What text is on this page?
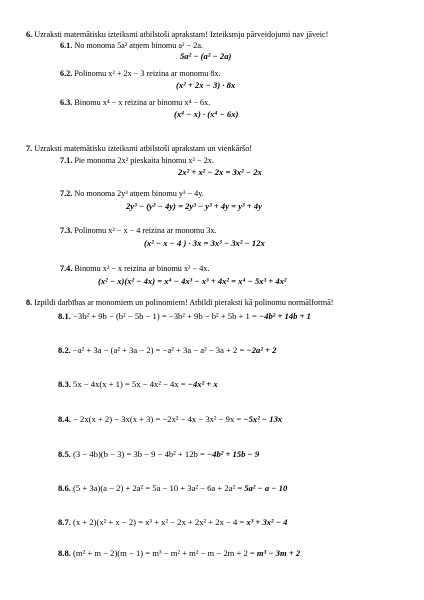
6. Uzraksti matemātisku izteiksmi atbilstoši aprakstam! Izteiksmju pārveidojumi nav jāveic!
6.1. No monoma 5a² atņem binomu a² − 2a.
5a² − (a² − 2a)
6.2. Polinomu x² + 2x − 3 reizina ar monomu 8x.
(x² + 2x − 3) · 8x
6.3. Binomu x⁴ − x reizina ar binomu x⁴ − 6x.
(x⁴ − x) · (x⁴ − 6x)
7. Uzraksti matemātisku izteiksmi atbilstoši aprakstam un vienkāršo!
7.1. Pie monoma 2x² pieskaita binomu x² − 2x.
2x² + x² − 2x = 3x² − 2x
7.2. No monoma 2y³ atņem binomu y³ − 4y.
2y³ − (y³ − 4y) = 2y³ − y³ + 4y = y³ + 4y
7.3. Polinomu x² − x − 4 reizina ar monomu 3x.
(x² − x − 4 ) · 3x = 3x³ − 3x² − 12x
7.4. Binomu x² − x reizina ar binomu x² − 4x.
(x² − x)(x² − 4x) = x⁴ − 4x³ − x³ + 4x² = x⁴ − 5x³ + 4x²
8. Izpildi darbības ar monomiem un polinomiem! Atbildi pieraksti kā polinomu normālformā!
8.1. −3b² + 9b − (b² − 5b − 1) = −3b² + 9b − b² + 5b + 1 = −4b² + 14b + 1
8.2. −a² + 3a − (a² + 3a − 2) = −a² + 3a − a² − 3a + 2 = −2a² + 2
8.3. 5x − 4x(x + 1) = 5x − 4x² − 4x = −4x² + x
8.4. − 2x(x + 2) − 3x(x + 3) = −2x² − 4x − 3x² − 9x = −5x² − 13x
8.5. (3 − 4b)(b − 3) = 3b − 9 − 4b² + 12b = −4b² + 15b − 9
8.6. (5 + 3a)(a − 2) + 2a² = 5a − 10 + 3a² − 6a + 2a² = 5a² − a − 10
8.7. (x + 2)(x² + x − 2) = x³ + x² − 2x + 2x² + 2x − 4 = x³ + 3x² − 4
8.8. (m² + m − 2)(m − 1) = m³ − m² + m² − m − 2m + 2 = m³ − 3m + 2
